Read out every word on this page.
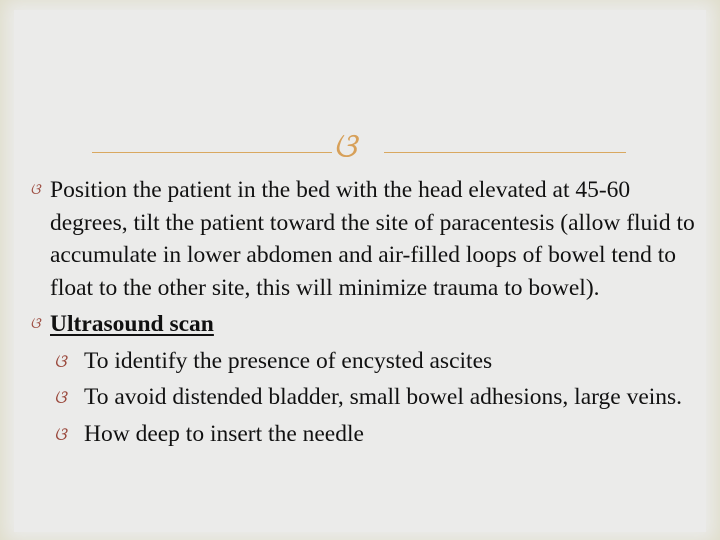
ଓ
ଓ Position the patient in the bed with the head elevated at 45-60 degrees, tilt the patient toward the site of paracentesis (allow fluid to accumulate in lower abdomen and air-filled loops of bowel tend to float to the other site, this will minimize trauma to bowel).
ଓ Ultrasound scan
ଓ To identify the presence of encysted ascites
ଓ To avoid distended bladder, small bowel adhesions, large veins.
ଓ How deep to insert the needle
